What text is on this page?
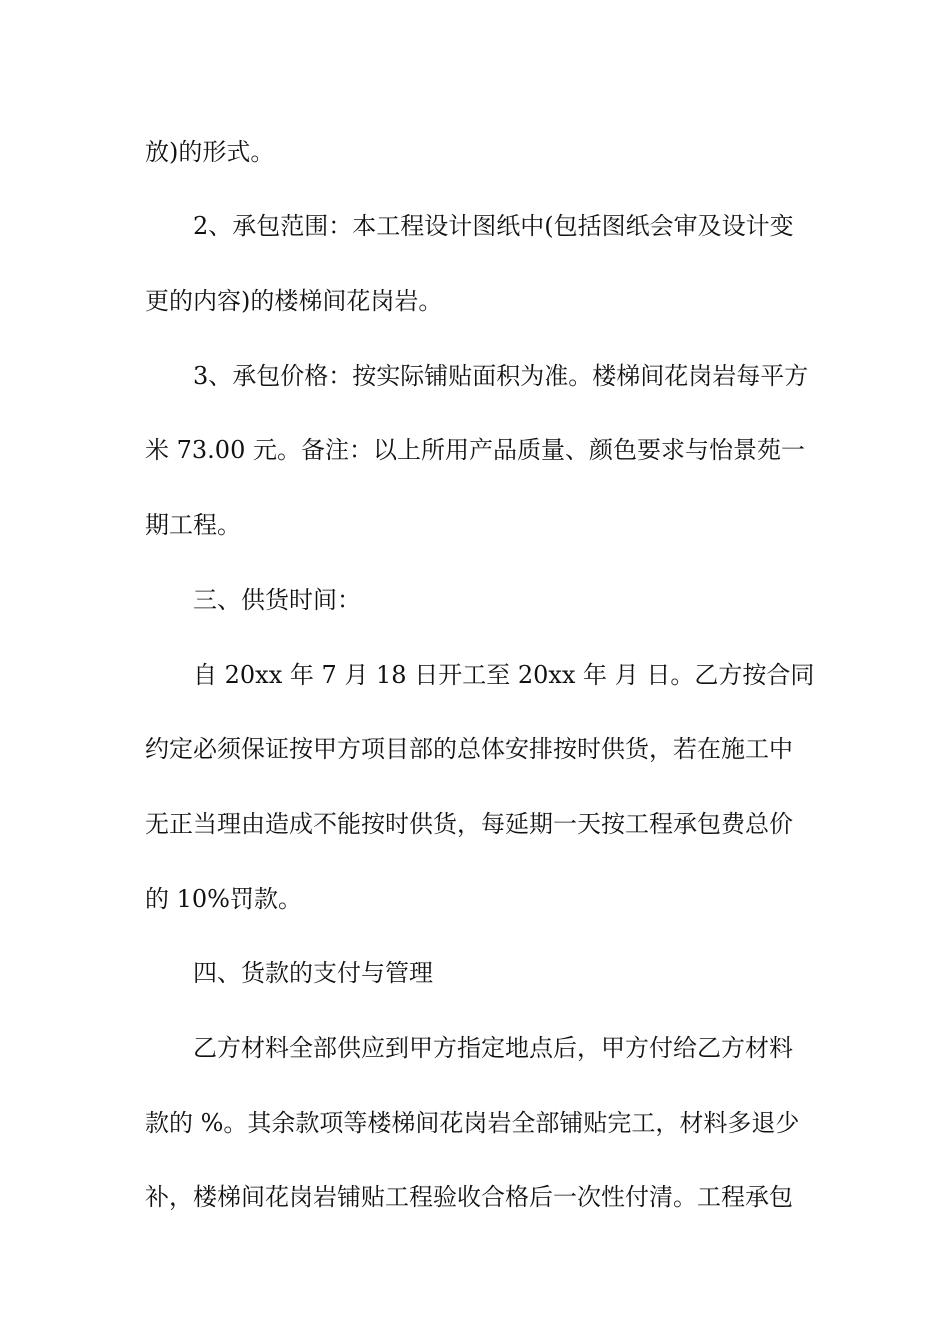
放)的形式。
2、承包范围：本工程设计图纸中(包括图纸会审及设计变
更的内容)的楼梯间花岗岩。
3、承包价格：按实际铺贴面积为准。楼梯间花岗岩每平方
米 73.00 元。备注：以上所用产品质量、颜色要求与怡景苑一
期工程。
三、供货时间：
自 20xx 年 7 月 18 日开工至 20xx 年 月 日。乙方按合同
约定必须保证按甲方项目部的总体安排按时供货，若在施工中
无正当理由造成不能按时供货，每延期一天按工程承包费总价
的 10%罚款。
四、货款的支付与管理
乙方材料全部供应到甲方指定地点后，甲方付给乙方材料
款的 %。其余款项等楼梯间花岗岩全部铺贴完工，材料多退少
补，楼梯间花岗岩铺贴工程验收合格后一次性付清。工程承包
